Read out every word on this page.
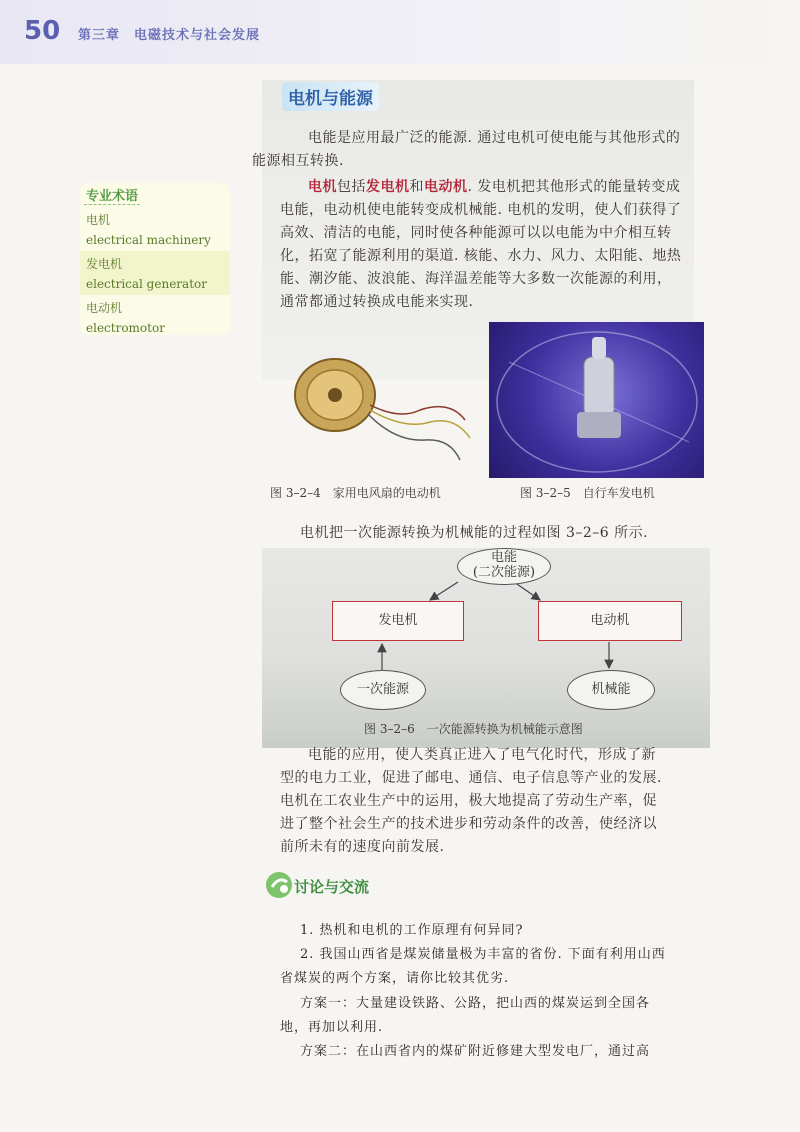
50 第三章　电磁技术与社会发展
电机与能源

电能是应用最广泛的能源. 通过电机可使电能与其他形式的
能源相互转换.

电机包括发电机和电动机. 发电机把其他形式的能量转变成
电能，电动机使电能转变成机械能. 电机的发明，使人们获得了
高效、清洁的电能，同时使各种能源可以以电能为中介相互转
化，拓宽了能源利用的渠道. 核能、水力、风力、太阳能、地热
能、潮汐能、波浪能、海洋温差能等大多数一次能源的利用，
通常都通过转换成电能来实现.
专业术语
电机
electrical machinery
发电机
electrical generator
电动机
electromotor
图 3–2–4　家用电风扇的电动机	图 3–2–5　自行车发电机
电机把一次能源转换为机械能的过程如图 3–2–6 所示.
电能
(二次能源)
发电机	电动机
一次能源	机械能
图 3–2–6　一次能源转换为机械能示意图
电能的应用，使人类真正进入了电气化时代，形成了新
型的电力工业，促进了邮电、通信、电子信息等产业的发展.
电机在工农业生产中的运用，极大地提高了劳动生产率，促
进了整个社会生产的技术进步和劳动条件的改善，使经济以
前所未有的速度向前发展.
讨论与交流
1. 热机和电机的工作原理有何异同?
2. 我国山西省是煤炭储量极为丰富的省份. 下面有利用山西
省煤炭的两个方案，请你比较其优劣.
方案一：大量建设铁路、公路，把山西的煤炭运到全国各
地，再加以利用.
方案二：在山西省内的煤矿附近修建大型发电厂，通过高
